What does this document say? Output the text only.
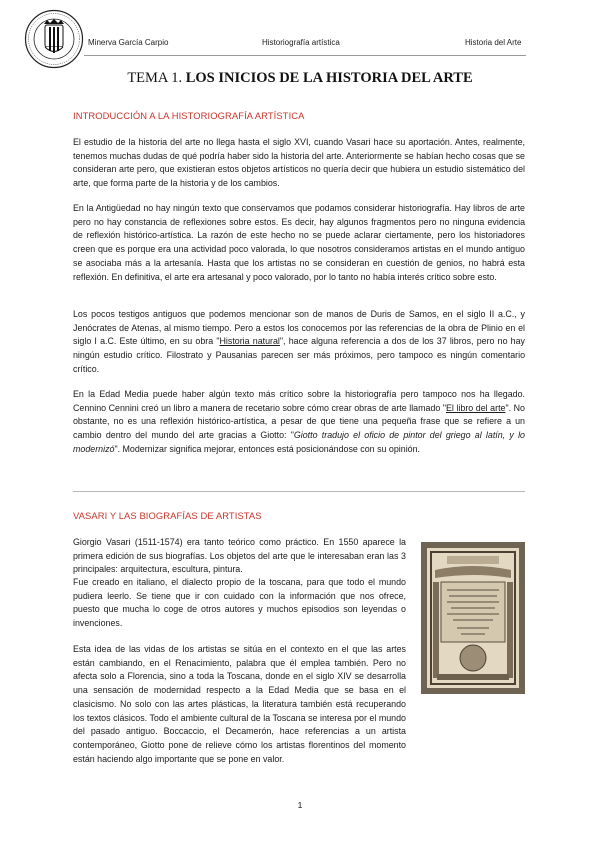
Minerva García Carpio	Historiografía artística	Historia del Arte
TEMA 1. LOS INICIOS DE LA HISTORIA DEL ARTE
INTRODUCCIÓN A LA HISTORIOGRAFÍA ARTÍSTICA

El estudio de la historia del arte no llega hasta el siglo XVI, cuando Vasari hace su aportación. Antes, realmente, tenemos muchas dudas de qué podría haber sido la historia del arte. Anteriormente se habían hecho cosas que se consideran arte pero, que existieran estos objetos artísticos no quería decir que hubiera un estudio sistemático del arte, que forma parte de la historia y de los cambios.

En la Antigüedad no hay ningún texto que conservamos que podamos considerar historiografía. Hay libros de arte pero no hay constancia de reflexiones sobre estos. Es decir, hay algunos fragmentos pero no ninguna evidencia de reflexión histórico-artística. La razón de este hecho no se puede aclarar ciertamente, pero los historiadores creen que es porque era una actividad poco valorada, lo que nosotros consideramos artistas en el mundo antiguo se asociaba más a la artesanía. Hasta que los artistas no se consideran en cuestión de genios, no habrá esta reflexión. En definitiva, el arte era artesanal y poco valorado, por lo tanto no había interés crítico sobre esto.

Los pocos testigos antiguos que podemos mencionar son de manos de Duris de Samos, en el siglo II a.C., y Jenócrates de Atenas, al mismo tiempo. Pero a estos los conocemos por las referencias de la obra de Plinio en el siglo I a.C. Este último, en su obra "Historia natural", hace alguna referencia a dos de los 37 libros, pero no hay ningún estudio crítico. Filostrato y Pausanias parecen ser más próximos, pero tampoco es ningún comentario crítico.

En la Edad Media puede haber algún texto más crítico sobre la historiografía pero tampoco nos ha llegado. Cennino Cennini creó un libro a manera de recetario sobre cómo crear obras de arte llamado "El libro del arte". No obstante, no es una reflexión histórico-artística, a pesar de que tiene una pequeña frase que se refiere a un cambio dentro del mundo del arte gracias a Giotto: "Giotto tradujo el oficio de pintor del griego al latín, y lo modernizó". Modernizar significa mejorar, entonces está posicionándose con su opinión.

VASARI Y LAS BIOGRAFÍAS DE ARTISTAS

Giorgio Vasari (1511-1574) era tanto teórico como práctico. En 1550 aparece la primera edición de sus biografías. Los objetos del arte que le interesaban eran las 3 principales: arquitectura, escultura, pintura.

Fue creado en italiano, el dialecto propio de la toscana, para que todo el mundo pudiera leerlo. Se tiene que ir con cuidado con la información que nos ofrece, puesto que mucha lo coge de otros autores y muchos episodios son leyendas o invenciones.

Esta idea de las vidas de los artistas se sitúa en el contexto en el que las artes están cambiando, en el Renacimiento, palabra que él emplea también. Pero no afecta solo a Florencia, sino a toda la Toscana, donde en el siglo XIV se desarrolla una sensación de modernidad respecto a la Edad Media que se basa en el clasicismo. No solo con las artes plásticas, la literatura también está recuperando los textos clásicos. Todo el ambiente cultural de la Toscana se interesa por el mundo del pasado antiguo. Boccaccio, el Decamerón, hace referencias a un artista contemporáneo, Giotto pone de relieve cómo los artistas florentinos del momento están haciendo algo importante que se pone en valor.

1
